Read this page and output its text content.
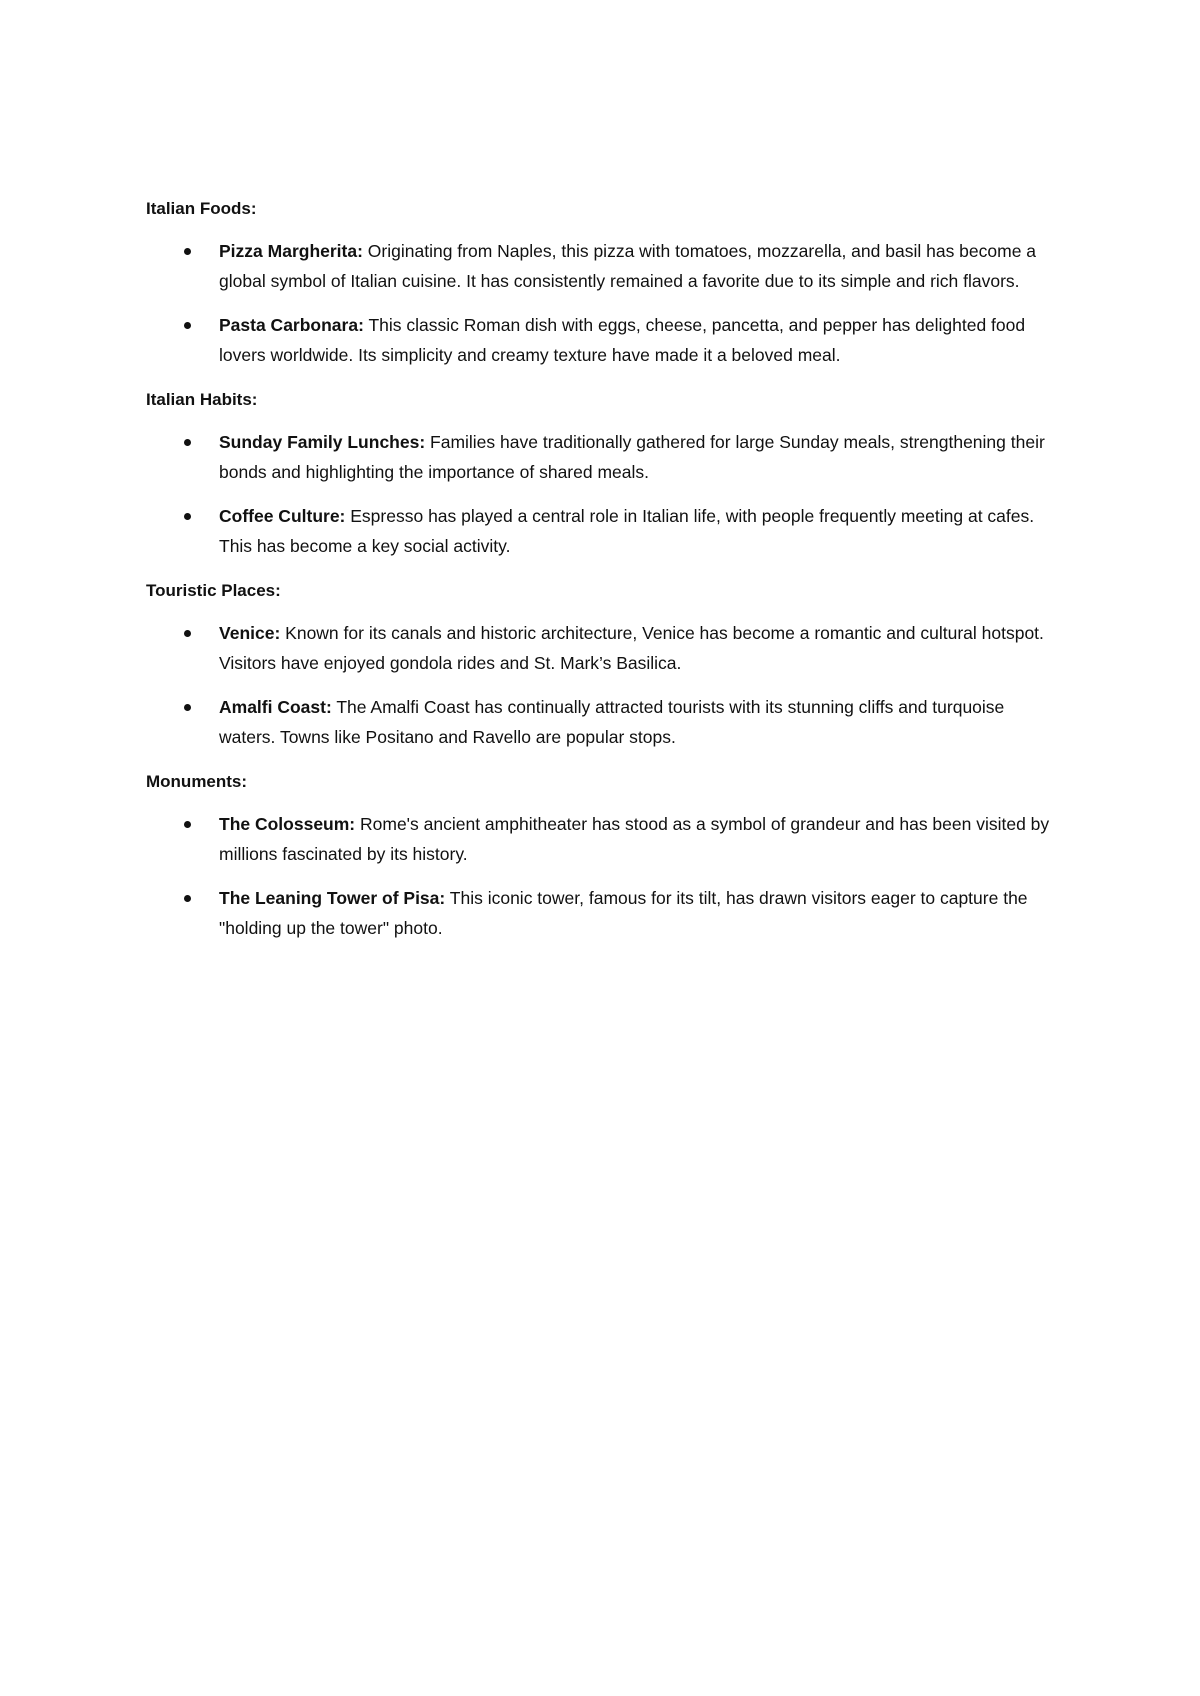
Italian Foods:

Pizza Margherita: Originating from Naples, this pizza with tomatoes, mozzarella, and basil has become a global symbol of Italian cuisine. It has consistently remained a favorite due to its simple and rich flavors.
Pasta Carbonara: This classic Roman dish with eggs, cheese, pancetta, and pepper has delighted food lovers worldwide. Its simplicity and creamy texture have made it a beloved meal.

Italian Habits:

Sunday Family Lunches: Families have traditionally gathered for large Sunday meals, strengthening their bonds and highlighting the importance of shared meals.
Coffee Culture: Espresso has played a central role in Italian life, with people frequently meeting at cafes. This has become a key social activity.

Touristic Places:

Venice: Known for its canals and historic architecture, Venice has become a romantic and cultural hotspot. Visitors have enjoyed gondola rides and St. Mark’s Basilica.
Amalfi Coast: The Amalfi Coast has continually attracted tourists with its stunning cliffs and turquoise waters. Towns like Positano and Ravello are popular stops.

Monuments:

The Colosseum: Rome's ancient amphitheater has stood as a symbol of grandeur and has been visited by millions fascinated by its history.
The Leaning Tower of Pisa: This iconic tower, famous for its tilt, has drawn visitors eager to capture the "holding up the tower" photo.
